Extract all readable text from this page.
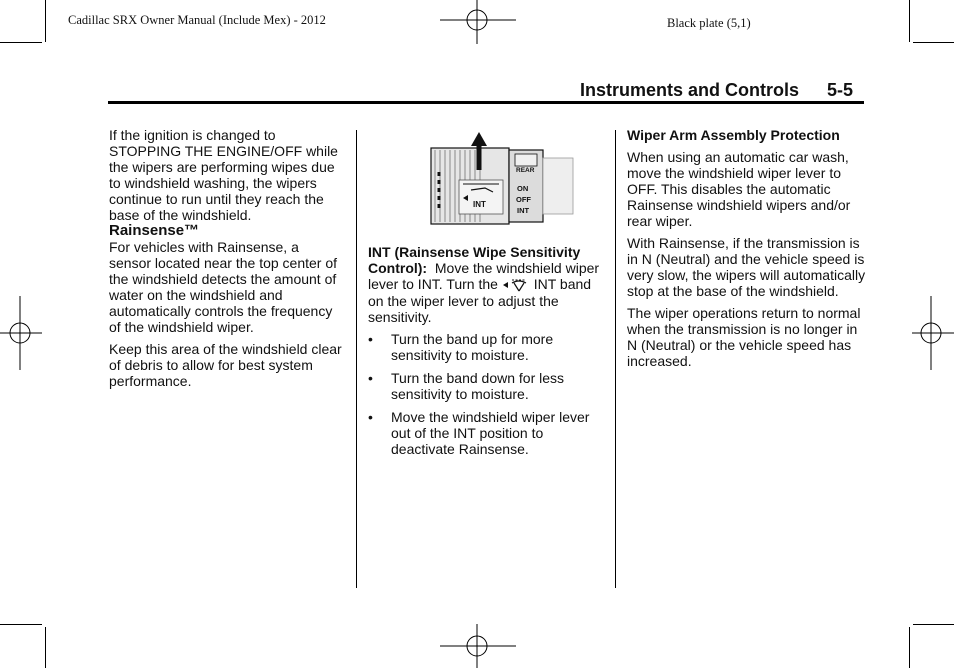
Cadillac SRX Owner Manual (Include Mex) - 2012	Black plate (5,1)
Instruments and Controls 5-5

If the ignition is changed to STOPPING THE ENGINE/OFF while the wipers are performing wipes due to windshield washing, the wipers continue to run until they reach the base of the windshield.

Rainsense™

For vehicles with Rainsense, a sensor located near the top center of the windshield detects the amount of water on the windshield and automatically controls the frequency of the windshield wiper.

Keep this area of the windshield clear of debris to allow for best system performance.

INT
REAR
ON
OFF
INT

INT (Rainsense Wipe Sensitivity Control): Move the windshield wiper lever to INT. Turn the	INT band on the wiper lever to adjust the sensitivity.

• Turn the band up for more sensitivity to moisture.
• Turn the band down for less sensitivity to moisture.
• Move the windshield wiper lever out of the INT position to deactivate Rainsense.

Wiper Arm Assembly Protection

When using an automatic car wash, move the windshield wiper lever to OFF. This disables the automatic Rainsense windshield wipers and/or rear wiper.

With Rainsense, if the transmission is in N (Neutral) and the vehicle speed is very slow, the wipers will automatically stop at the base of the windshield.

The wiper operations return to normal when the transmission is no longer in N (Neutral) or the vehicle speed has increased.
